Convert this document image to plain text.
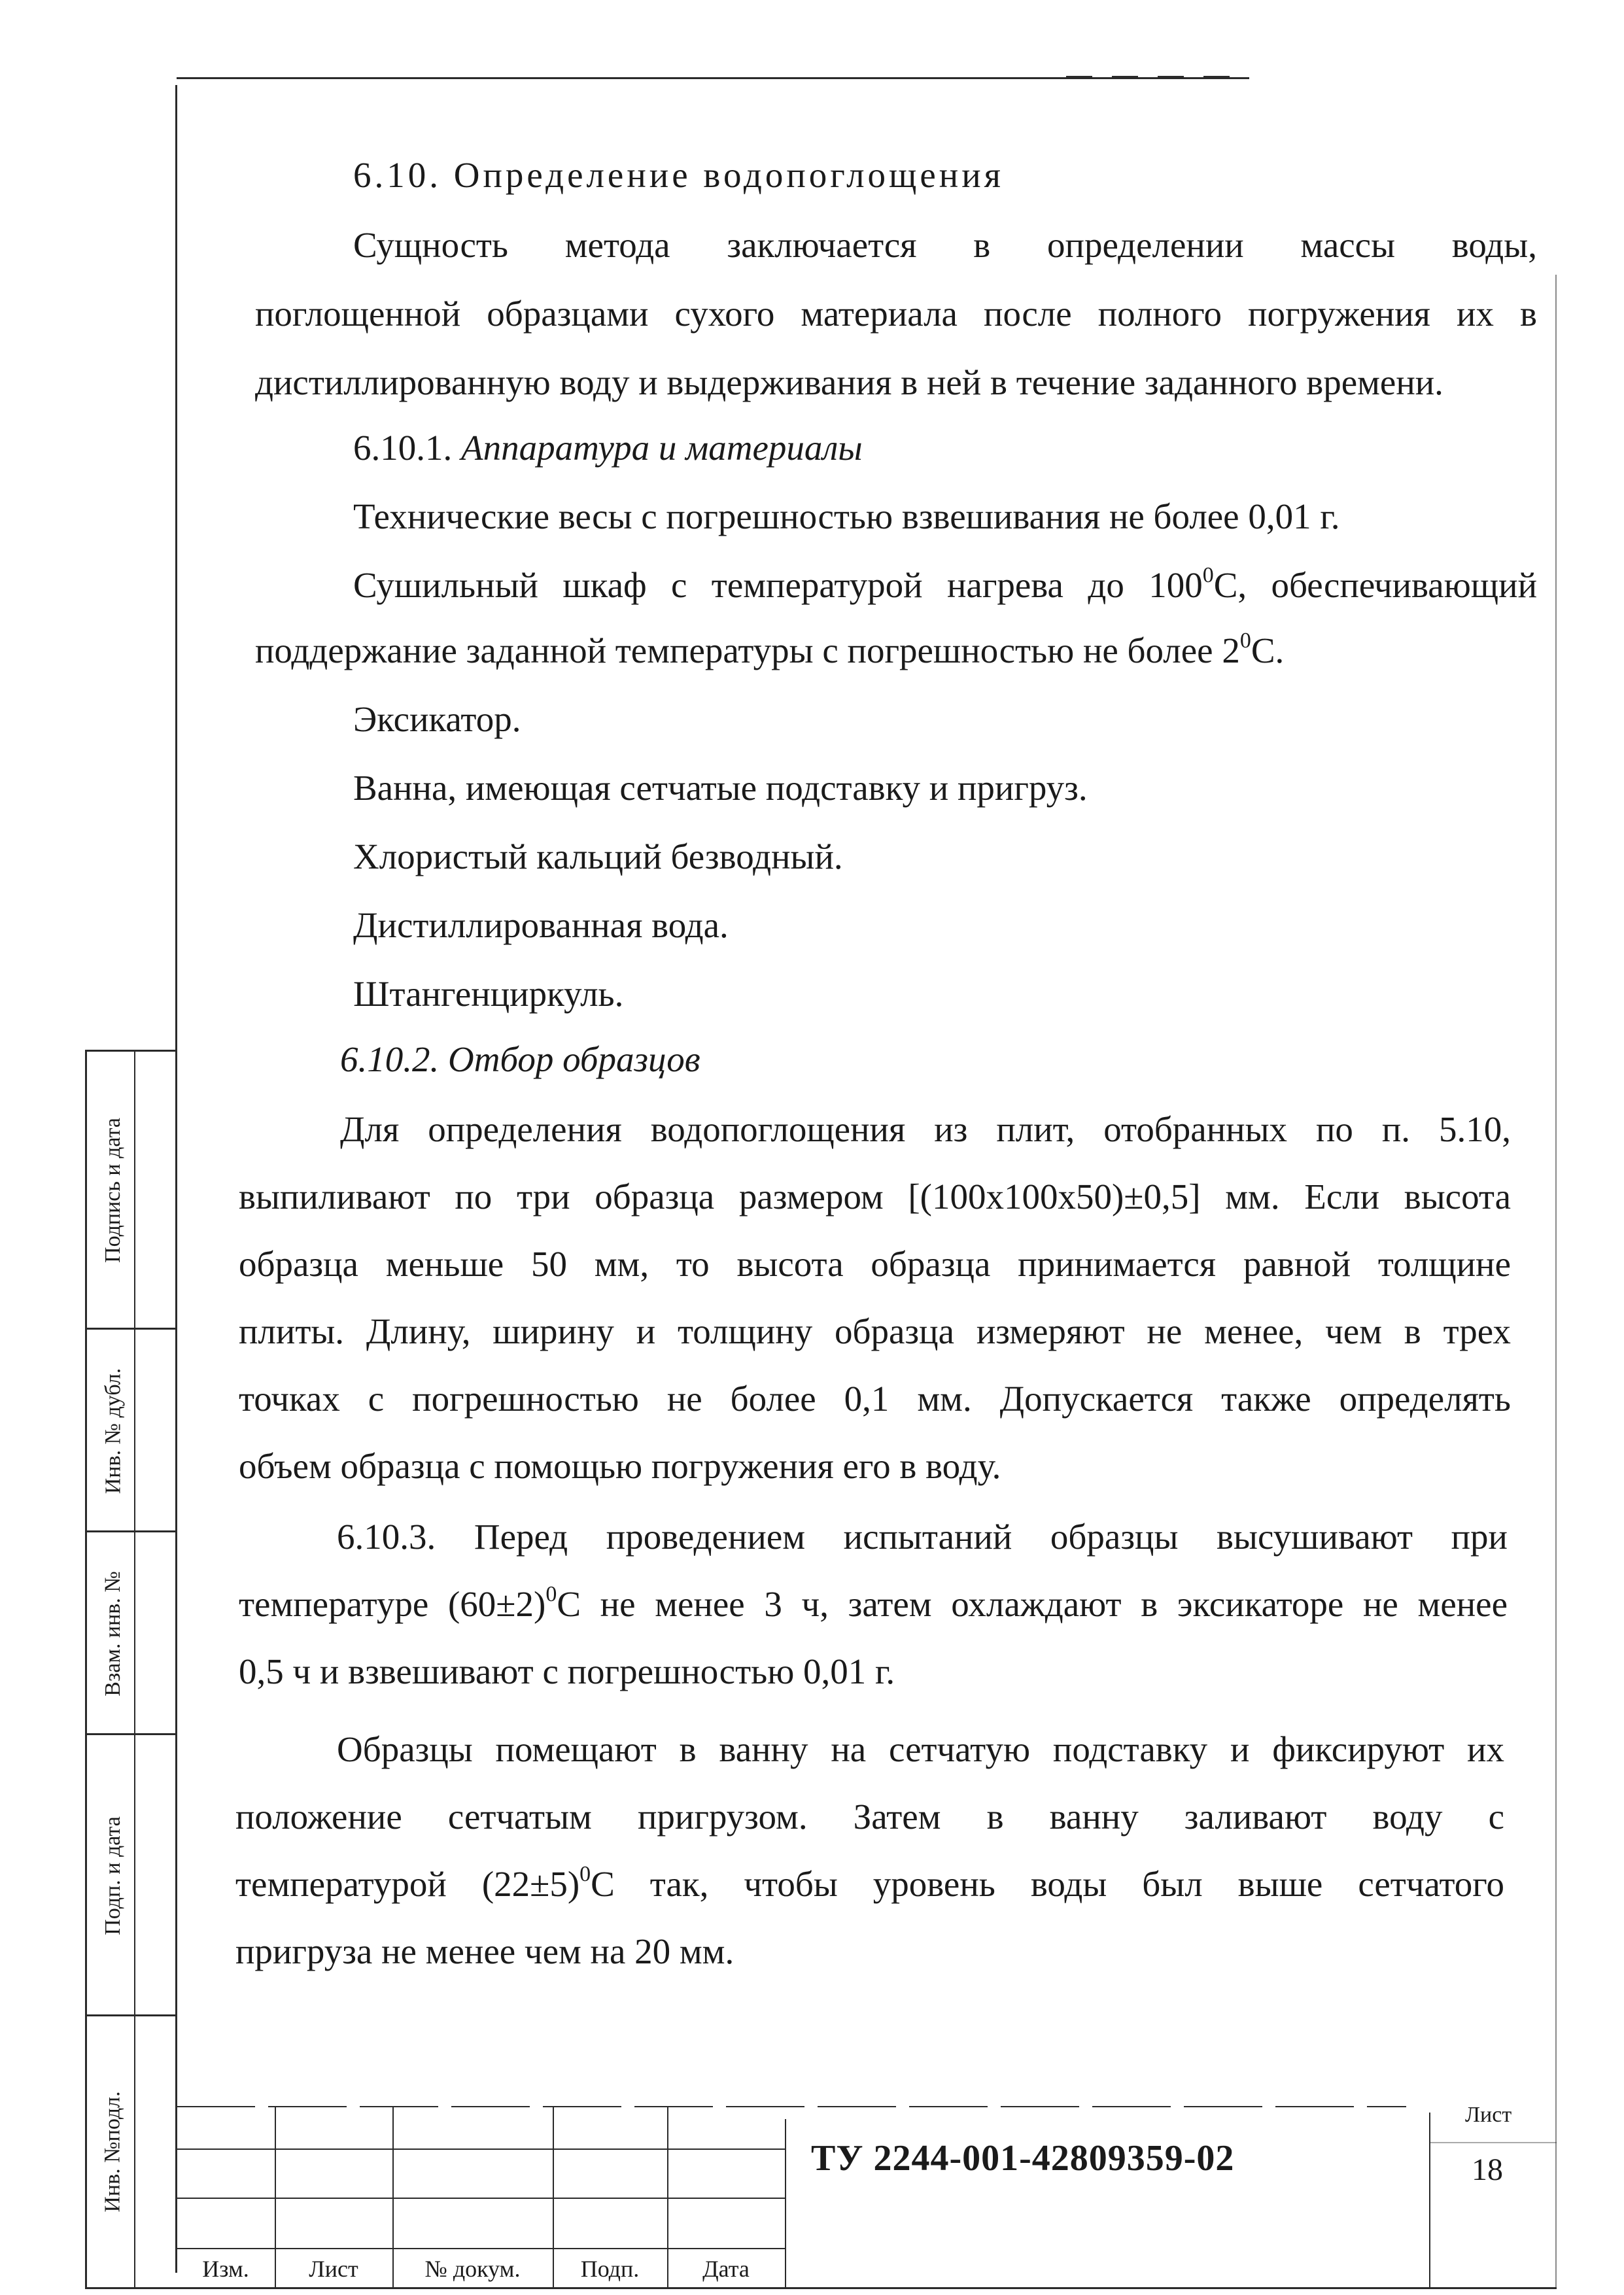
6.10. Определение водопоглощения

Сущность метода заключается в определении массы воды,

поглощенной образцами сухого материала после полного погружения их в

дистиллированную воду и выдерживания в ней в течение заданного времени.

6.10.1. Аппаратура и материалы

Технические весы с погрешностью взвешивания не более 0,01 г.

Сушильный шкаф с температурой нагрева до $100^0С$, обеспечивающий

поддержание заданной температуры с погрешностью не более $2^0С$.

Эксикатор.

Ванна, имеющая сетчатые подставку и пригруз.

Хлористый кальций безводный.

Дистиллированная вода.

Штангенциркуль.

6.10.2. Отбор образцов

Для определения водопоглощения из плит, отобранных по п. 5.10,

выпиливают по три образца размером [(100x100x50)±0,5] мм. Если высота

образца меньше 50 мм, то высота образца принимается равной толщине

плиты. Длину, ширину и толщину образца измеряют не менее, чем в трех

точках с погрешностью не более 0,1 мм. Допускается также определять

объем образца с помощью погружения его в воду.

6.10.3. Перед проведением испытаний образцы высушивают при

температуре $(60\pm 2)^0С$ не менее 3 ч, затем охлаждают в эксикаторе не менее

0,5 ч и взвешивают с погрешностью 0,01 г.

Образцы помещают в ванну на сетчатую подставку и фиксируют их

положение сетчатым пригрузом. Затем в ванну заливают воду с

температурой $(22\pm 5)^0С$ так, чтобы уровень воды был выше сетчатого

пригруза не менее чем на 20 мм.

Подпись и дата
Инв. № дубл.
Взам. инв. №
Подп. и дата
Инв. №подл.
Изм.	Лист	№ докум.	Подп.	Дата
ТУ 2244-001-42809359-02
Лист
18
